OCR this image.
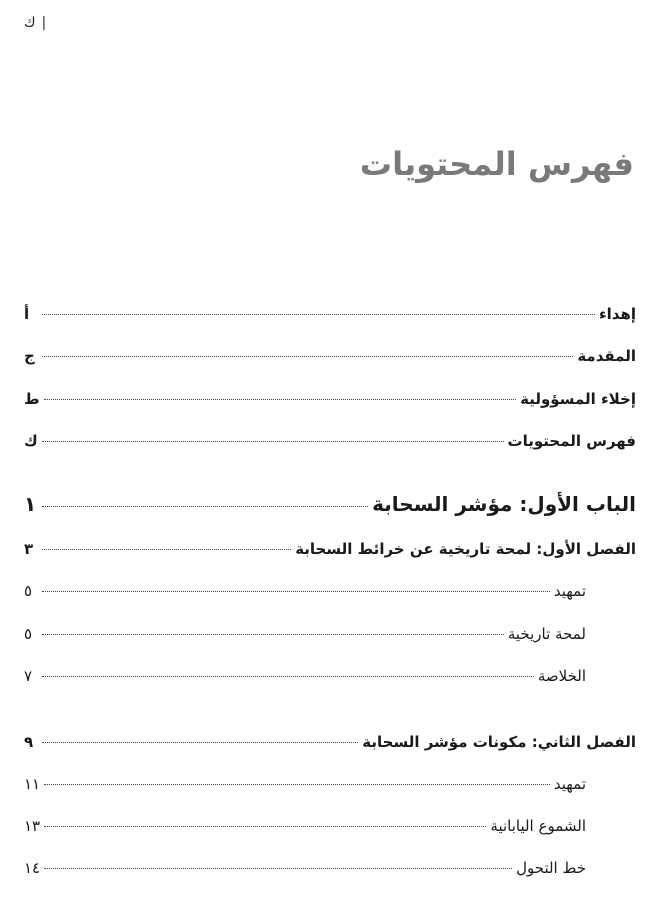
ك |
فهرس المحتويات
إهداء
أ
المقدمة
ج
إخلاء المسؤولية
ط
فهرس المحتويات
ك
الباب الأول: مؤشر السحابة
١
الفصل الأول: لمحة تاريخية عن خرائط السحابة
٣
تمهيد
٥
لمحة تاريخية
٥
الخلاصة
٧
الفصل الثاني: مكونات مؤشر السحابة
٩
تمهيد
١١
الشموع اليابانية
١٣
خط التحول
١٤
